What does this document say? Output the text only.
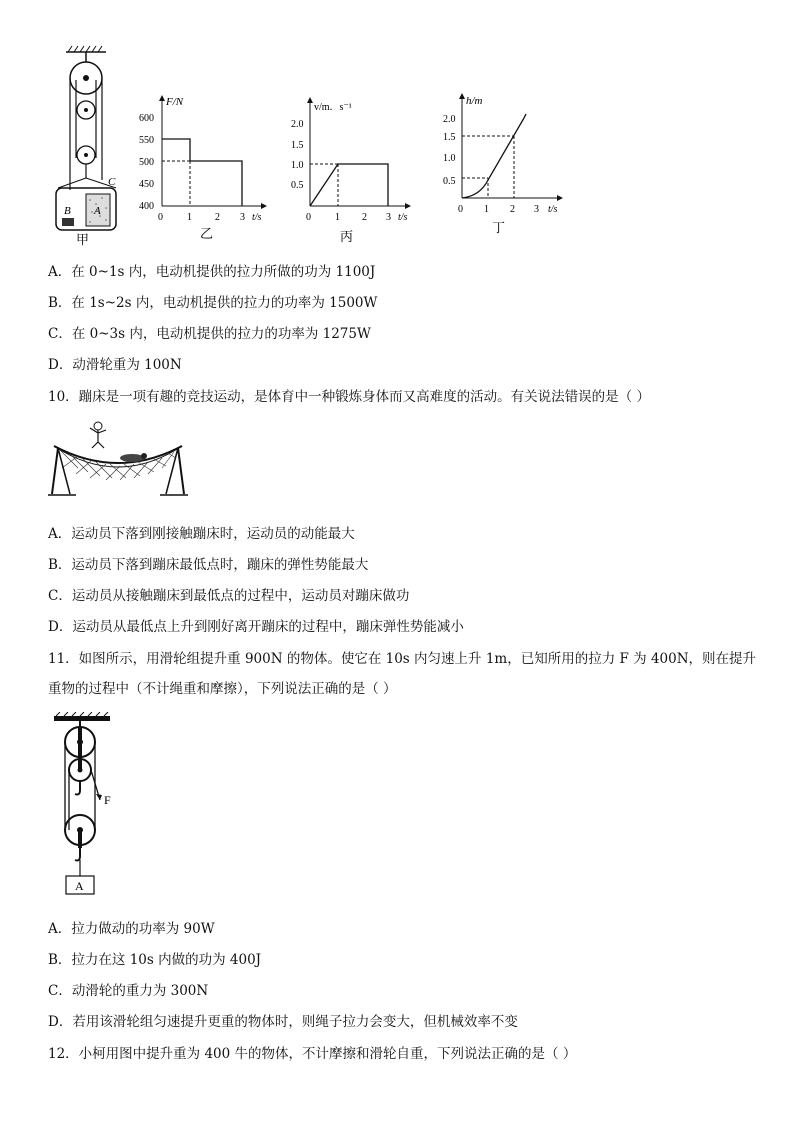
B A
C
甲
F/N
600
550
500
450
400
0 1 2 3 t/s
乙
v/m．s⁻¹
2.0
1.5
1.0
0.5
0 1 2 3 t/s
丙
h/m
2.0
1.5
1.0
0.5
0 1 2 3 t/s
丁
A．在 0~1s 内，电动机提供的拉力所做的功为 1100J
B．在 1s~2s 内，电动机提供的拉力的功率为 1500W
C．在 0~3s 内，电动机提供的拉力的功率为 1275W
D．动滑轮重为 100N
10．蹦床是一项有趣的竞技运动，是体育中一种锻炼身体而又高难度的活动。有关说法错误的是（ ）
A．运动员下落到刚接触蹦床时，运动员的动能最大
B．运动员下落到蹦床最低点时，蹦床的弹性势能最大
C．运动员从接触蹦床到最低点的过程中，运动员对蹦床做功
D．运动员从最低点上升到刚好离开蹦床的过程中，蹦床弹性势能减小
11．如图所示，用滑轮组提升重 900N 的物体。使它在 10s 内匀速上升 1m，已知所用的拉力 F 为 400N，则在提升
重物的过程中（不计绳重和摩擦），下列说法正确的是（ ）
F
A
A．拉力做动的功率为 90W
B．拉力在这 10s 内做的功为 400J
C．动滑轮的重力为 300N
D．若用该滑轮组匀速提升更重的物体时，则绳子拉力会变大，但机械效率不变
12．小柯用图中提升重为 400 牛的物体，不计摩擦和滑轮自重，下列说法正确的是（ ）
